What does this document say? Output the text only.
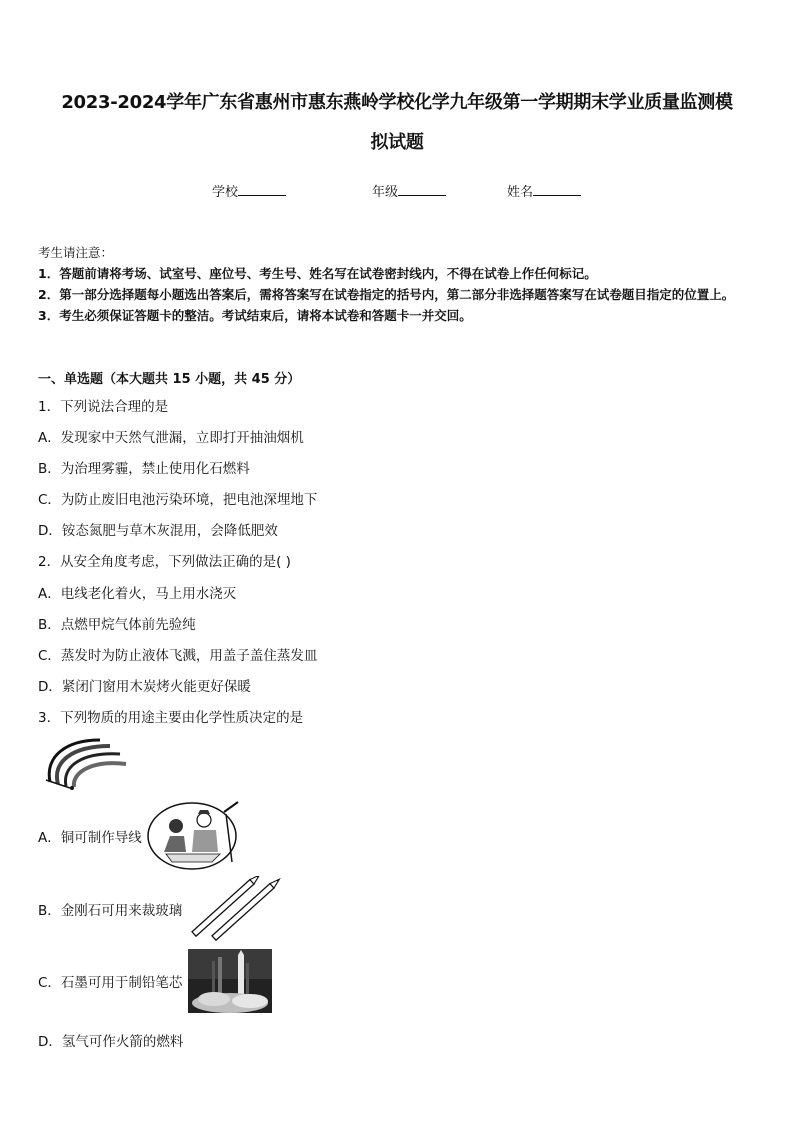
2023-2024学年广东省惠州市惠东燕岭学校化学九年级第一学期期末学业质量监测模
拟试题
学校	年级	姓名
考生请注意：
1．答题前请将考场、试室号、座位号、考生号、姓名写在试卷密封线内，不得在试卷上作任何标记。
2．第一部分选择题每小题选出答案后，需将答案写在试卷指定的括号内，第二部分非选择题答案写在试卷题目指定的位置上。
3．考生必须保证答题卡的整洁。考试结束后，请将本试卷和答题卡一并交回。
一、单选题（本大题共 15 小题，共 45 分）
1．下列说法合理的是
A．发现家中天然气泄漏，立即打开抽油烟机
B．为治理雾霾，禁止使用化石燃料
C．为防止废旧电池污染环境，把电池深埋地下
D．铵态氮肥与草木灰混用，会降低肥效
2．从安全角度考虑，下列做法正确的是( )
A．电线老化着火，马上用水浇灭
B．点燃甲烷气体前先验纯
C．蒸发时为防止液体飞溅，用盖子盖住蒸发皿
D．紧闭门窗用木炭烤火能更好保暖
3．下列物质的用途主要由化学性质决定的是
A．铜可制作导线
B．金刚石可用来裁玻璃
C．石墨可用于制铅笔芯
D．氢气可作火箭的燃料
